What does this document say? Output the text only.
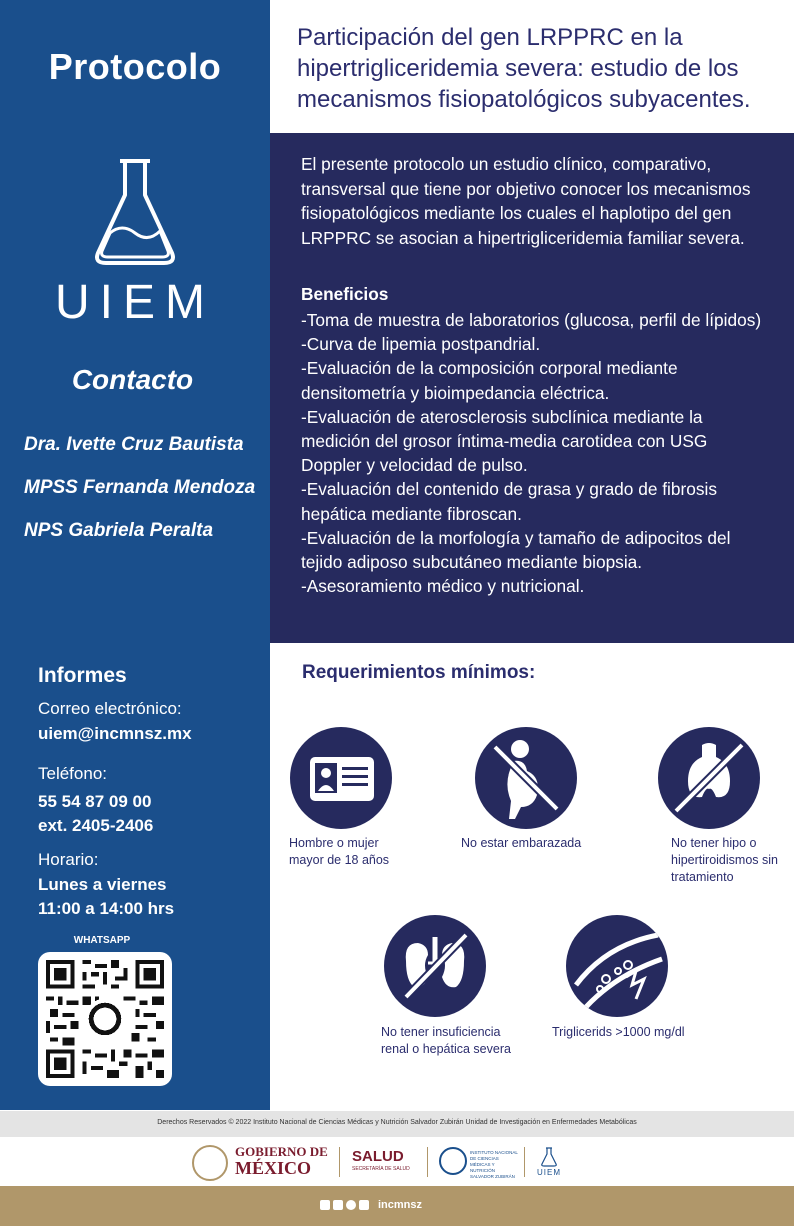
Protocolo
Participación del gen LRPPRC en la hipertrigliceridemia severa: estudio de los mecanismos fisiopatológicos subyacentes.
UIEM
Contacto
Dra. Ivette Cruz Bautista
MPSS Fernanda Mendoza
NPS Gabriela Peralta
El presente protocolo un estudio clínico, comparativo, transversal que tiene por objetivo conocer los mecanismos fisiopatológicos mediante los cuales el haplotipo del gen LRPPRC se asocian a hipertrigliceridemia familiar severa.
Beneficios
-Toma de muestra de laboratorios (glucosa, perfil de lípidos)
-Curva de lipemia postpandrial.
-Evaluación de la composición corporal mediante densitometría y bioimpedancia eléctrica.
-Evaluación de aterosclerosis subclínica mediante la medición del grosor íntima-media carotidea con USG Doppler y velocidad de pulso.
-Evaluación del contenido de grasa y grado de fibrosis hepática mediante fibroscan.
-Evaluación de la morfología y tamaño de adipocitos del tejido adiposo subcutáneo mediante biopsia.
-Asesoramiento médico y nutricional.
Informes
Correo electrónico:
uiem@incmnsz.mx
Teléfono:
55 54 87 09 00
ext. 2405-2406
Horario:
Lunes a viernes
11:00 a 14:00 hrs
WHATSAPP
Requerimientos mínimos:
Hombre o mujer mayor de 18 años
No estar embarazada	No tener hipo o hipertiroidismos sin tratamiento
No tener insuficiencia renal o hepática severa
Triglicerids >1000 mg/dl
Derechos Reservados © 2022 Instituto Nacional de Ciencias Médicas y Nutrición Salvador Zubirán Unidad de Investigación en Enfermedades Metabólicas
GOBIERNO DE
MÉXICO
SALUD
SECRETARÍA DE SALUD
INSTITUTO NACIONAL DE CIENCIAS MÉDICAS Y NUTRICIÓN SALVADOR ZUBIRÁN	UIEM
incmnsz
